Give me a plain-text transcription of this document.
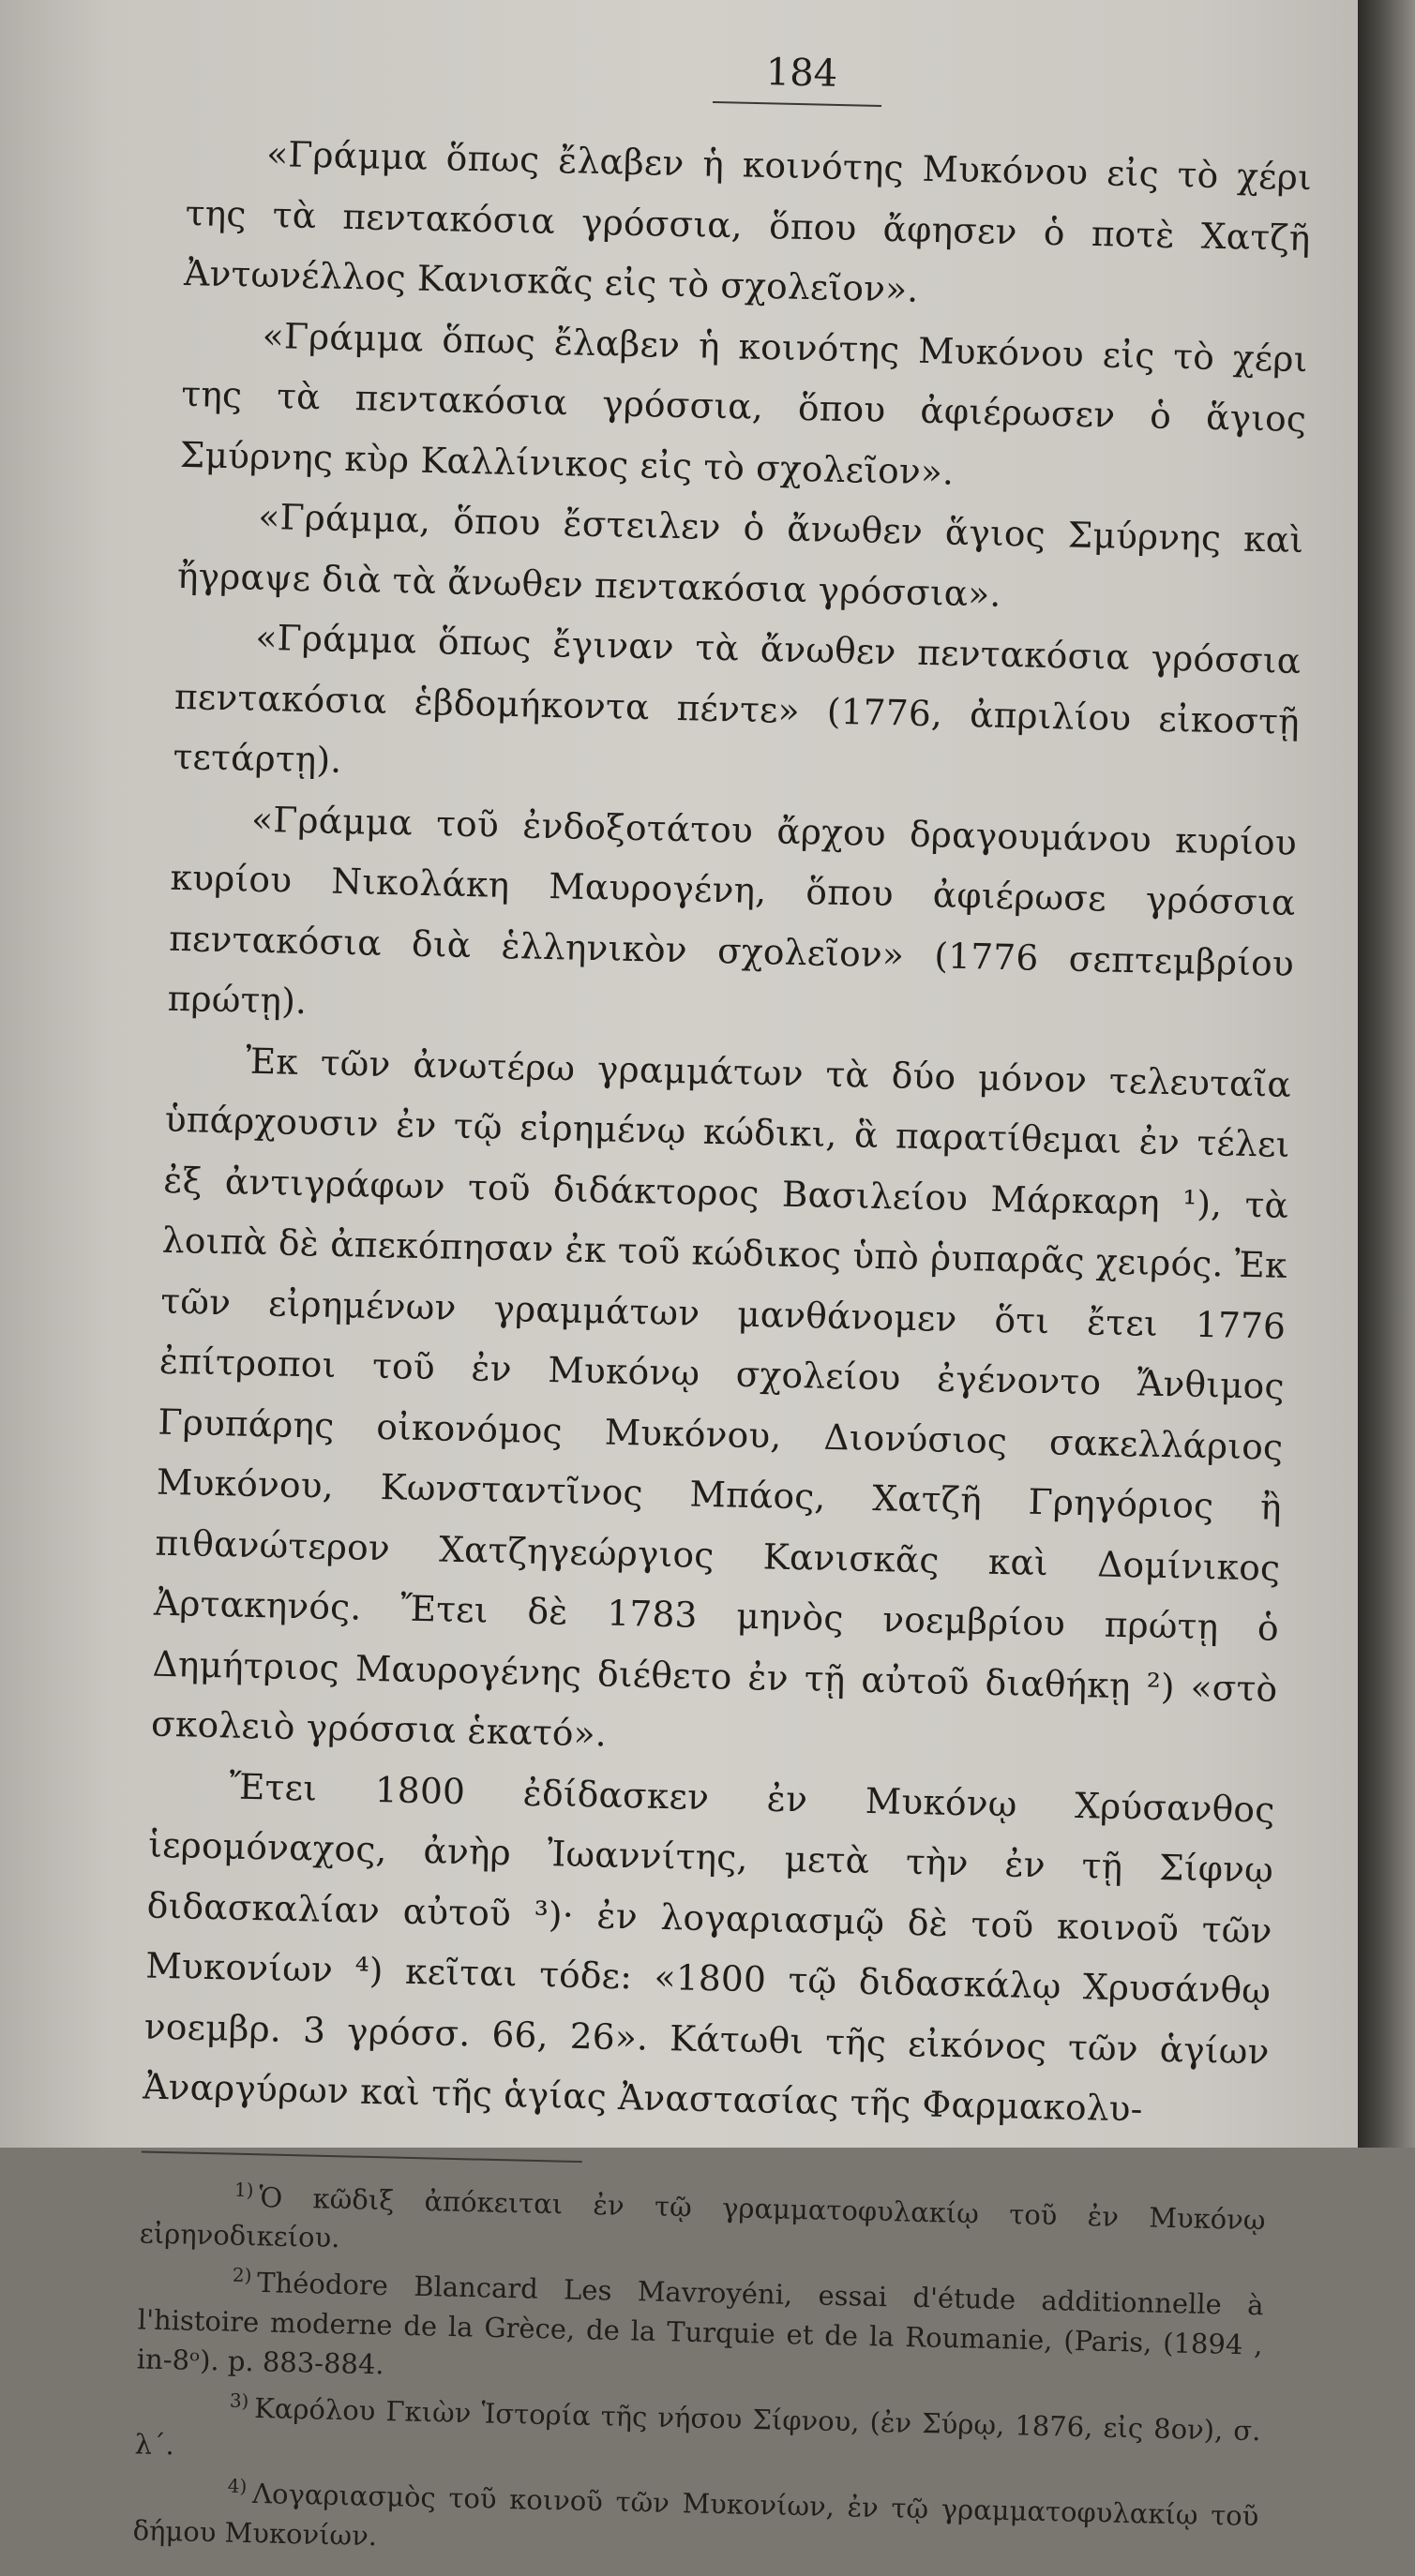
184

«Γράμμα ὅπως ἔλαβεν ἡ κοινότης Μυκόνου εἰς τὸ χέρι της τὰ πεντακόσια γρόσσια, ὅπου ἄφησεν ὁ ποτὲ Χατζῆ Ἀντωνέλλος Κανισκᾶς εἰς τὸ σχολεῖον».

«Γράμμα ὅπως ἔλαβεν ἡ κοινότης Μυκόνου εἰς τὸ χέρι της τὰ πεντακόσια γρόσσια, ὅπου ἀφιέρωσεν ὁ ἅγιος Σμύρνης κὺρ Καλλίνικος εἰς τὸ σχολεῖον».

«Γράμμα, ὅπου ἔστειλεν ὁ ἄνωθεν ἅγιος Σμύρνης καὶ ἤγραψε διὰ τὰ ἄνωθεν πεντακόσια γρόσσια».

«Γράμμα ὅπως ἔγιναν τὰ ἄνωθεν πεντακόσια γρόσσια πεντακόσια ἑβδομήκοντα πέντε» (1776, ἀπριλίου εἰκοστῇ τετάρτῃ).

«Γράμμα τοῦ ἐνδοξοτάτου ἄρχου δραγουμάνου κυρίου κυρίου Νικολάκη Μαυρογένη, ὅπου ἀφιέρωσε γρόσσια πεντακόσια διὰ ἑλληνικὸν σχολεῖον» (1776 σεπτεμβρίου πρώτῃ).

Ἐκ τῶν ἀνωτέρω γραμμάτων τὰ δύο μόνον τελευταῖα ὑπάρχουσιν ἐν τῷ εἰρημένῳ κώδικι, ἃ παρατίθεμαι ἐν τέλει ἐξ ἀντιγράφων τοῦ διδάκτορος Βασιλείου Μάρκαρη ¹), τὰ λοιπὰ δὲ ἀπεκόπησαν ἐκ τοῦ κώδικος ὑπὸ ῥυπαρᾶς χειρός. Ἐκ τῶν εἰρημένων γραμμάτων μανθάνομεν ὅτι ἔτει 1776 ἐπίτροποι τοῦ ἐν Μυκόνῳ σχολείου ἐγένοντο Ἄνθιμος Γρυπάρης οἰκονόμος Μυκόνου, Διονύσιος σακελλάριος Μυκόνου, Κωνσταντῖνος Μπάος, Χατζῆ Γρηγόριος ἢ πιθανώτερον Χατζηγεώργιος Κανισκᾶς καὶ Δομίνικος Ἀρτακηνός. Ἔτει δὲ 1783 μηνὸς νοεμβρίου πρώτῃ ὁ Δημήτριος Μαυρογένης διέθετο ἐν τῇ αὐτοῦ διαθήκῃ ²) «στὸ σκολειὸ γρόσσια ἑκατό».

Ἔτει 1800 ἐδίδασκεν ἐν Μυκόνῳ Χρύσανθος ἱερομόναχος, ἀνὴρ Ἰωαννίτης, μετὰ τὴν ἐν τῇ Σίφνῳ διδασκαλίαν αὐτοῦ ³)· ἐν λογαριασμῷ δὲ τοῦ κοινοῦ τῶν Μυκονίων ⁴) κεῖται τόδε: «1800 τῷ διδασκάλῳ Χρυσάνθῳ νοεμβρ. 3 γρόσσ. 66, 26». Κάτωθι τῆς εἰκόνος τῶν ἁγίων Ἀναργύρων καὶ τῆς ἁγίας Ἀναστασίας τῆς Φαρμακολυ-

$^{1)}$ Ὁ κῶδιξ ἀπόκειται ἐν τῷ γραμματοφυλακίῳ τοῦ ἐν Μυκόνῳ εἰρηνοδικείου.

$^{2)}$ Théodore Blancard Les Mavroyéni, essai d'étude additionnelle à l'histoire moderne de la Grèce, de la Turquie et de la Roumanie, (Paris, (1894 , in-8ᵒ). p. 883-884.

$^{3)}$ Καρόλου Γκιὼν Ἱστορία τῆς νήσου Σίφνου, (ἐν Σύρῳ, 1876, εἰς 8ον), σ. λ΄.

$^{4)}$ Λογαριασμὸς τοῦ κοινοῦ τῶν Μυκονίων, ἐν τῷ γραμματοφυλακίῳ τοῦ δήμου Μυκονίων.
